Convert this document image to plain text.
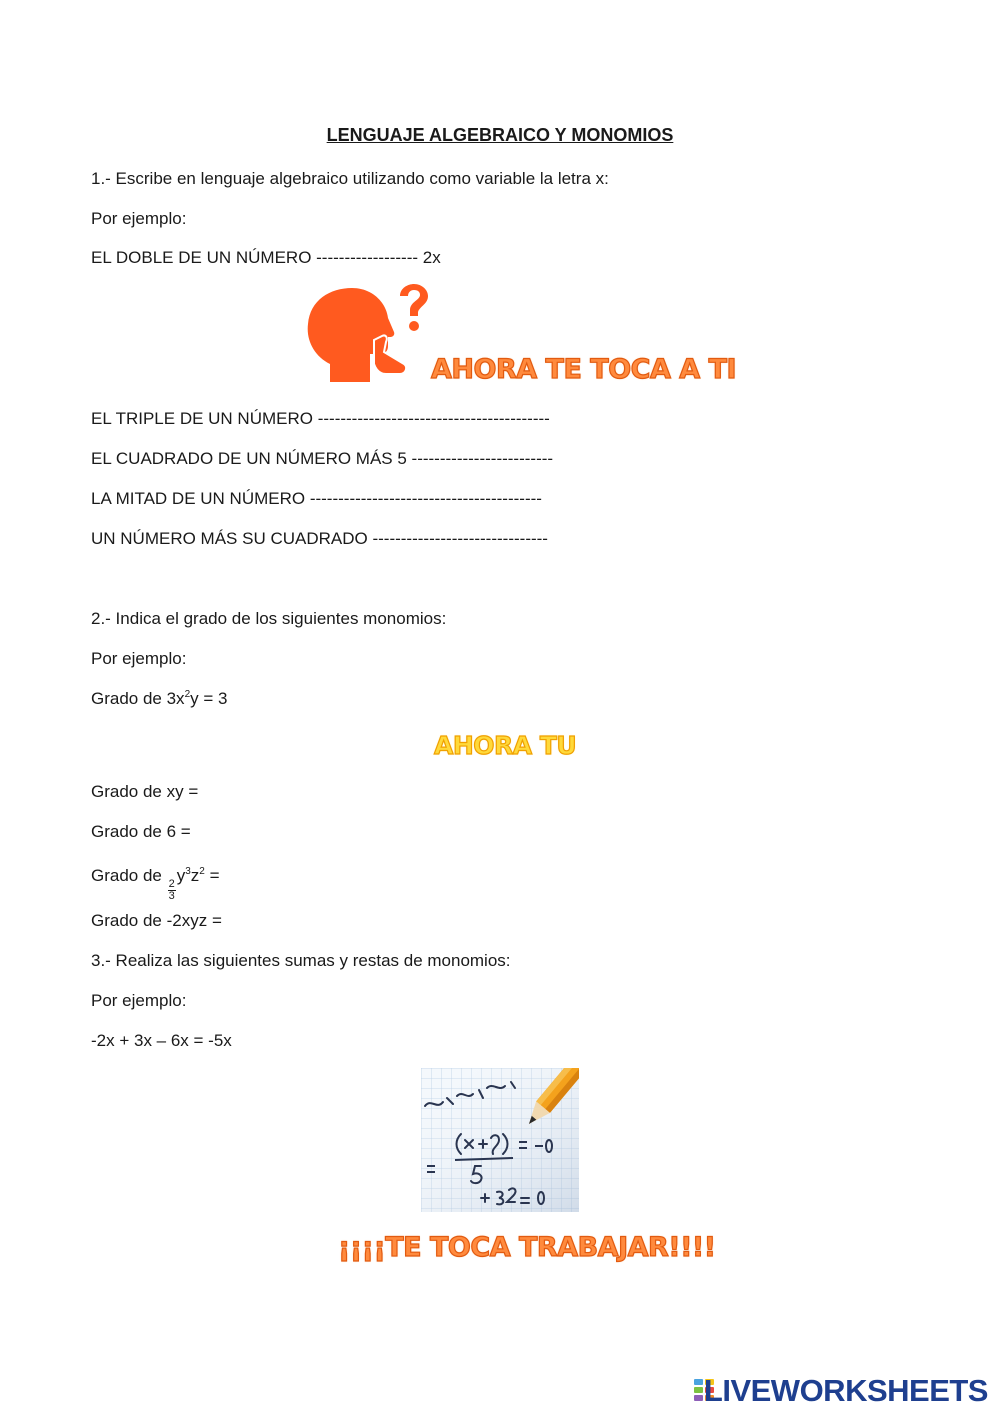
LENGUAJE ALGEBRAICO Y MONOMIOS
1.- Escribe en lenguaje algebraico utilizando como variable la letra x:
Por ejemplo:
EL DOBLE DE UN NÚMERO ------------------ 2x
AHORA TE TOCA A TI
EL TRIPLE DE UN NÚMERO -----------------------------------------
EL CUADRADO DE UN NÚMERO MÁS 5 -------------------------
LA MITAD DE UN NÚMERO -----------------------------------------
UN NÚMERO MÁS SU CUADRADO -------------------------------
2.- Indica el grado de los siguientes monomios:
Por ejemplo:
Grado de $3x^2y = 3$
AHORA TU
Grado de xy =
Grado de 6 =
Grado de
$\frac{2}{3}$
$y^3z^2$ =
Grado de -2xyz =
3.- Realiza las siguientes sumas y restas de monomios:
Por ejemplo:
-2x + 3x – 6x = -5x
¡¡¡¡TE TOCA TRABAJAR!!!!
LIVEWORKSHEETS
